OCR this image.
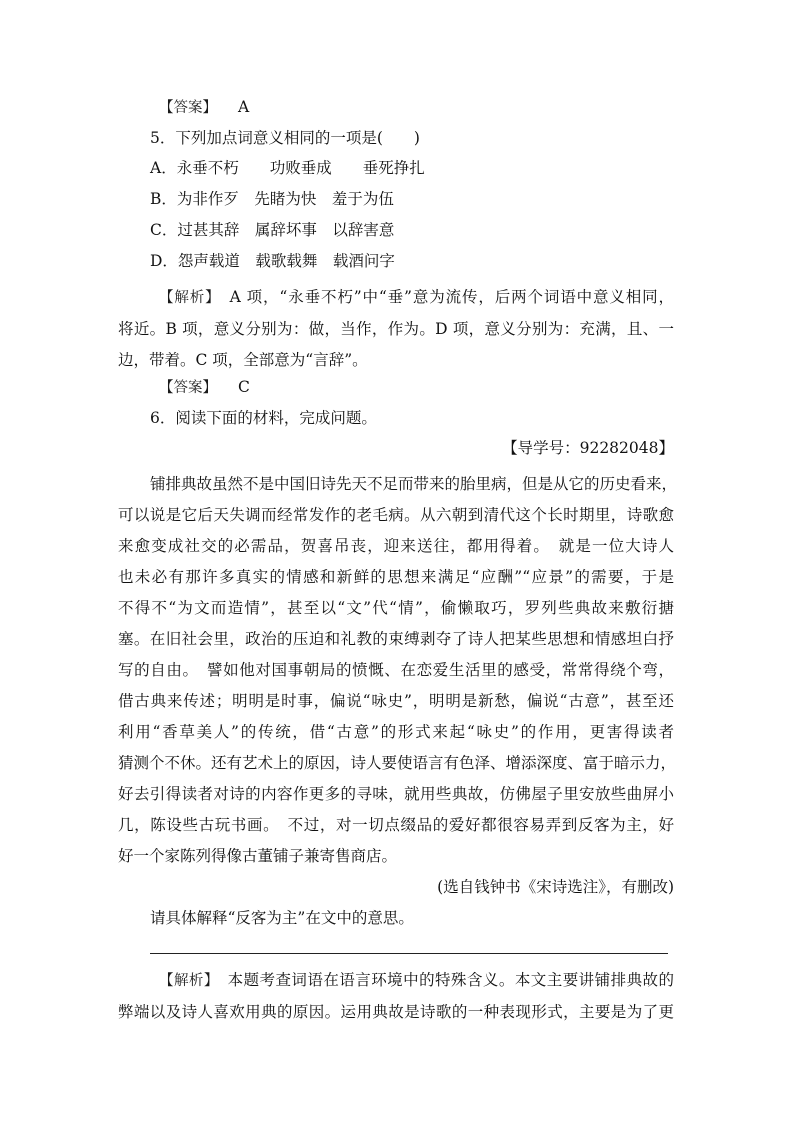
【答案】 A
5．下列加点词意义相同的一项是(　　)
A．永垂不朽　　功败垂成　　垂死挣扎
B．为非作歹　先睹为快　羞于为伍
C．过甚其辞　属辞坏事　以辞害意
D．怨声载道　载歌载舞　载酒问字
【解析】　 A 项，“永垂不朽”中“垂”意为流传，后两个词语中意义相同，
将近。B 项，意义分别为：做，当作，作为。D 项，意义分别为：充满，且、一
边，带着。C 项，全部意为“言辞”。
【答案】 C
6．阅读下面的材料，完成问题。
【导学号：92282048】
铺排典故虽然不是中国旧诗先天不足而带来的胎里病，但是从它的历史看来，
可以说是它后天失调而经常发作的老毛病。从六朝到清代这个长时期里，诗歌愈
来愈变成社交的必需品，贺喜吊丧，迎来送往，都用得着。　就是一位大诗人
也未必有那许多真实的情感和新鲜的思想来满足“应酬”“应景”的需要，于是
不得不“为文而造情”，甚至以“文”代“情”，偷懒取巧，罗列些典故来敷衍搪
塞。在旧社会里，政治的压迫和礼教的束缚剥夺了诗人把某些思想和情感坦白抒
写的自由。　譬如他对国事朝局的愤慨、在恋爱生活里的感受，常常得绕个弯，
借古典来传述；明明是时事，偏说“咏史”，明明是新愁，偏说“古意”，甚至还
利用“香草美人”的传统，借“古意”的形式来起“咏史”的作用，更害得读者
猜测个不休。还有艺术上的原因，诗人要使语言有色泽、增添深度、富于暗示力，
好去引得读者对诗的内容作更多的寻味，就用些典故，仿佛屋子里安放些曲屏小
几，陈设些古玩书画。　不过，对一切点缀品的爱好都很容易弄到反客为主，好
好一个家陈列得像古董铺子兼寄售商店。
(选自钱钟书《宋诗选注》，有删改)
请具体解释“反客为主”在文中的意思。
【解析】　 本题考查词语在语言环境中的特殊含义。本文主要讲铺排典故的
弊端以及诗人喜欢用典的原因。运用典故是诗歌的一种表现形式，主要是为了更
